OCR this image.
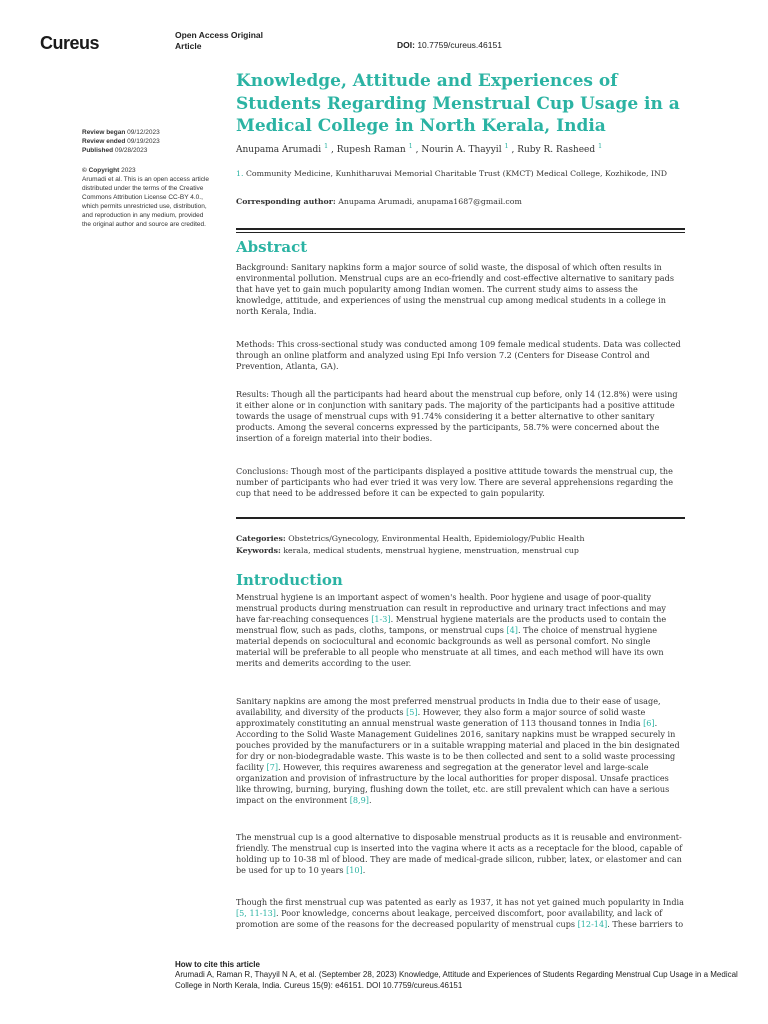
Cureus	Open Access Original
Article	DOI: 10.7759/cureus.46151
Knowledge, Attitude and Experiences of Students Regarding Menstrual Cup Usage in a Medical College in North Kerala, India
Anupama Arumadi $^1$ , Rupesh Raman $^1$ , Nourin A. Thayyil $^1$ , Ruby R. Rasheed $^1$
1. Community Medicine, Kunhitharuvai Memorial Charitable Trust (KMCT) Medical College, Kozhikode, IND
Corresponding author: Anupama Arumadi, anupama1687@gmail.com
Review began 09/12/2023
Review ended 09/19/2023
Published 09/28/2023
© Copyright 2023
Arumadi et al. This is an open access article distributed under the terms of the Creative Commons Attribution License CC-BY 4.0., which permits unrestricted use, distribution, and reproduction in any medium, provided the original author and source are credited.
Abstract
Background: Sanitary napkins form a major source of solid waste, the disposal of which often results in environmental pollution. Menstrual cups are an eco-friendly and cost-effective alternative to sanitary pads that have yet to gain much popularity among Indian women. The current study aims to assess the knowledge, attitude, and experiences of using the menstrual cup among medical students in a college in north Kerala, India.
Methods: This cross-sectional study was conducted among 109 female medical students. Data was collected through an online platform and analyzed using Epi Info version 7.2 (Centers for Disease Control and Prevention, Atlanta, GA).
Results: Though all the participants had heard about the menstrual cup before, only 14 (12.8%) were using it either alone or in conjunction with sanitary pads. The majority of the participants had a positive attitude towards the usage of menstrual cups with 91.74% considering it a better alternative to other sanitary products. Among the several concerns expressed by the participants, 58.7% were concerned about the insertion of a foreign material into their bodies.
Conclusions: Though most of the participants displayed a positive attitude towards the menstrual cup, the number of participants who had ever tried it was very low. There are several apprehensions regarding the cup that need to be addressed before it can be expected to gain popularity.
Categories: Obstetrics/Gynecology, Environmental Health, Epidemiology/Public Health
Keywords: kerala, medical students, menstrual hygiene, menstruation, menstrual cup
Introduction
Menstrual hygiene is an important aspect of women's health. Poor hygiene and usage of poor-quality menstrual products during menstruation can result in reproductive and urinary tract infections and may have far-reaching consequences [1-3]. Menstrual hygiene materials are the products used to contain the menstrual flow, such as pads, cloths, tampons, or menstrual cups [4]. The choice of menstrual hygiene material depends on sociocultural and economic backgrounds as well as personal comfort. No single material will be preferable to all people who menstruate at all times, and each method will have its own merits and demerits according to the user.
Sanitary napkins are among the most preferred menstrual products in India due to their ease of usage, availability, and diversity of the products [5]. However, they also form a major source of solid waste approximately constituting an annual menstrual waste generation of 113 thousand tonnes in India [6]. According to the Solid Waste Management Guidelines 2016, sanitary napkins must be wrapped securely in pouches provided by the manufacturers or in a suitable wrapping material and placed in the bin designated for dry or non-biodegradable waste. This waste is to be then collected and sent to a solid waste processing facility [7]. However, this requires awareness and segregation at the generator level and large-scale organization and provision of infrastructure by the local authorities for proper disposal. Unsafe practices like throwing, burning, burying, flushing down the toilet, etc. are still prevalent which can have a serious impact on the environment [8,9].
The menstrual cup is a good alternative to disposable menstrual products as it is reusable and environment-friendly. The menstrual cup is inserted into the vagina where it acts as a receptacle for the blood, capable of holding up to 10-38 ml of blood. They are made of medical-grade silicon, rubber, latex, or elastomer and can be used for up to 10 years [10].
Though the first menstrual cup was patented as early as 1937, it has not yet gained much popularity in India [5, 11-13]. Poor knowledge, concerns about leakage, perceived discomfort, poor availability, and lack of promotion are some of the reasons for the decreased popularity of menstrual cups [12-14]. These barriers to
How to cite this article
Arumadi A, Raman R, Thayyil N A, et al. (September 28, 2023) Knowledge, Attitude and Experiences of Students Regarding Menstrual Cup Usage in a Medical College in North Kerala, India. Cureus 15(9): e46151. DOI 10.7759/cureus.46151
